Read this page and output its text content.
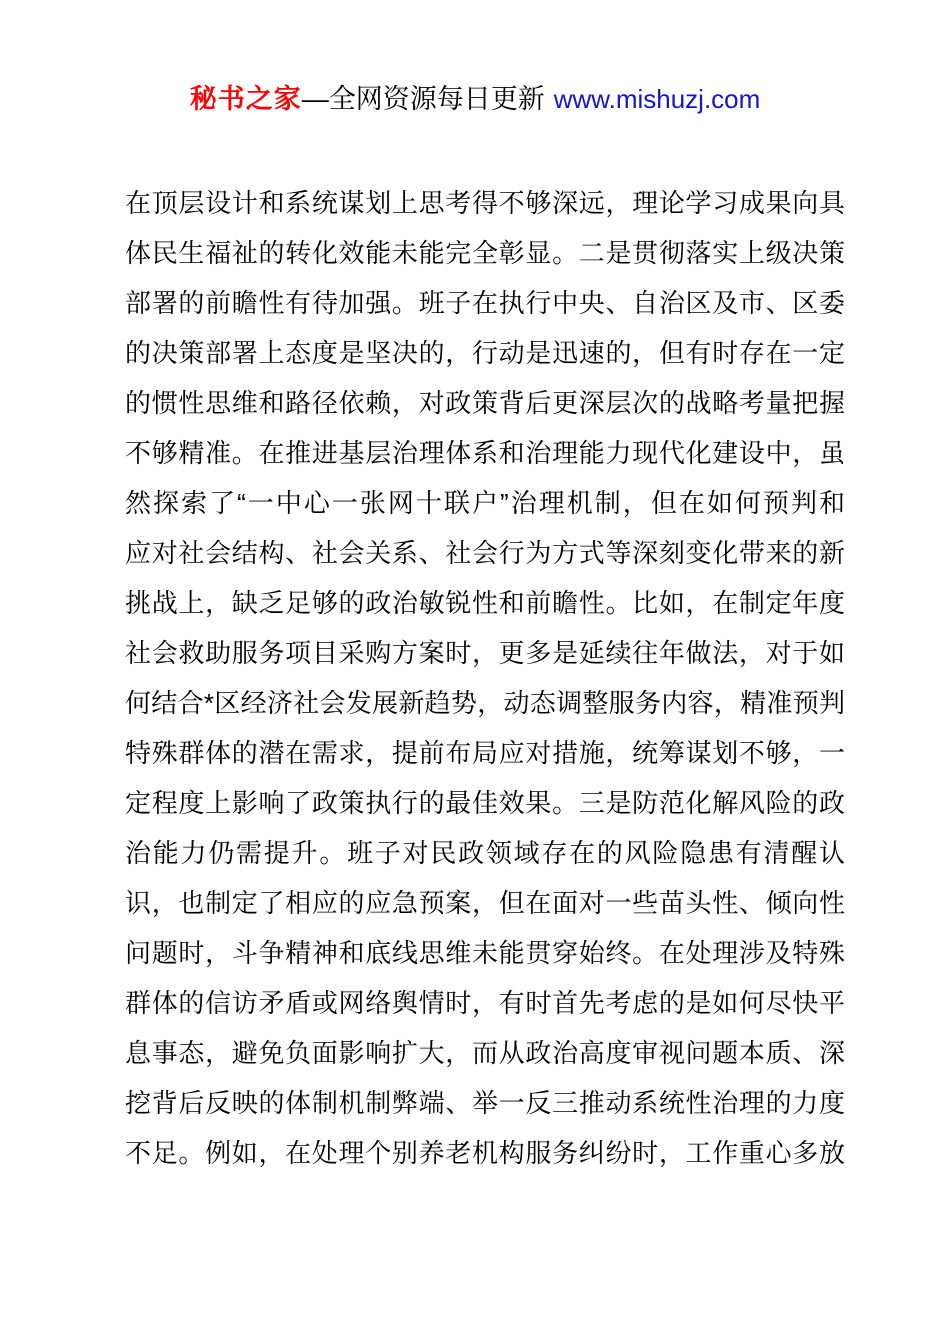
秘书之家—全网资源每日更新 www.mishuzj.com
在顶层设计和系统谋划上思考得不够深远，理论学习成果向具
体民生福祉的转化效能未能完全彰显。二是贯彻落实上级决策
部署的前瞻性有待加强。班子在执行中央、自治区及市、区委
的决策部署上态度是坚决的，行动是迅速的，但有时存在一定
的惯性思维和路径依赖，对政策背后更深层次的战略考量把握
不够精准。在推进基层治理体系和治理能力现代化建设中，虽
然探索了“一中心一张网十联户”治理机制，但在如何预判和
应对社会结构、社会关系、社会行为方式等深刻变化带来的新
挑战上，缺乏足够的政治敏锐性和前瞻性。比如，在制定年度
社会救助服务项目采购方案时，更多是延续往年做法，对于如
何结合*区经济社会发展新趋势，动态调整服务内容，精准预判
特殊群体的潜在需求，提前布局应对措施，统筹谋划不够，一
定程度上影响了政策执行的最佳效果。三是防范化解风险的政
治能力仍需提升。班子对民政领域存在的风险隐患有清醒认
识，也制定了相应的应急预案，但在面对一些苗头性、倾向性
问题时，斗争精神和底线思维未能贯穿始终。在处理涉及特殊
群体的信访矛盾或网络舆情时，有时首先考虑的是如何尽快平
息事态，避免负面影响扩大，而从政治高度审视问题本质、深
挖背后反映的体制机制弊端、举一反三推动系统性治理的力度
不足。例如，在处理个别养老机构服务纠纷时，工作重心多放
